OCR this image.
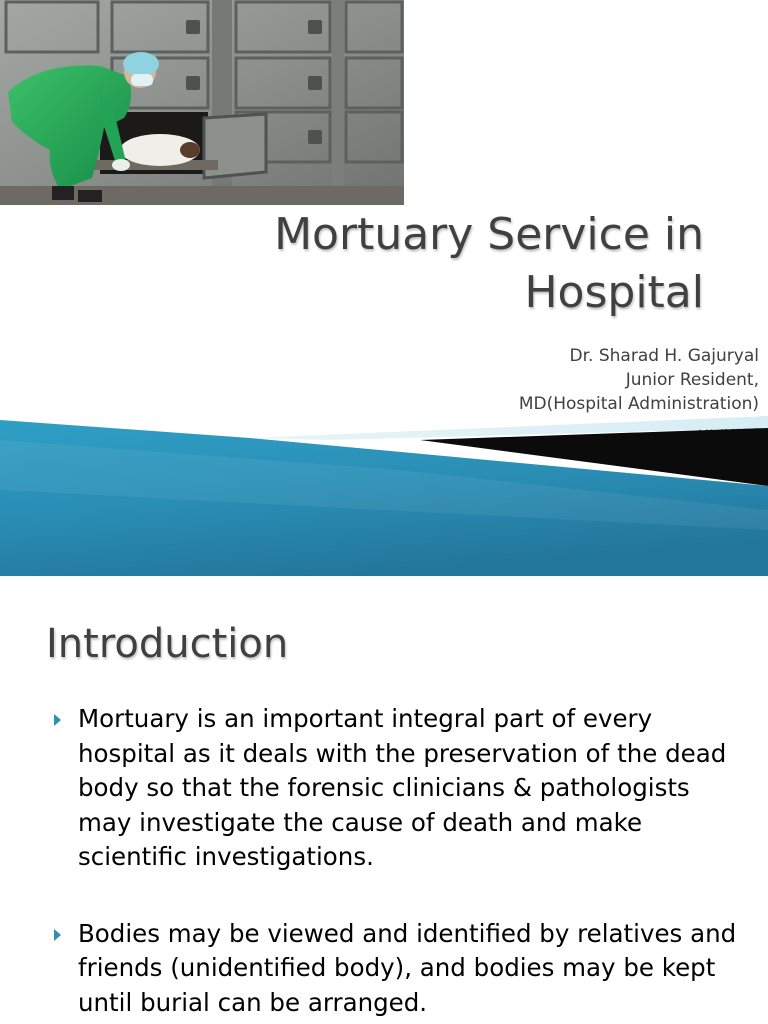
Mortuary Service in
Hospital
Dr. Sharad H. Gajuryal
Junior Resident,
MD(Hospital Administration)
Introduction
Mortuary is an important integral part of every hospital as it deals with the preservation of the dead body so that the forensic clinicians & pathologists may investigate the cause of death and make scientific investigations.
Bodies may be viewed and identified by relatives and friends (unidentified body), and bodies may be kept until burial can be arranged.
